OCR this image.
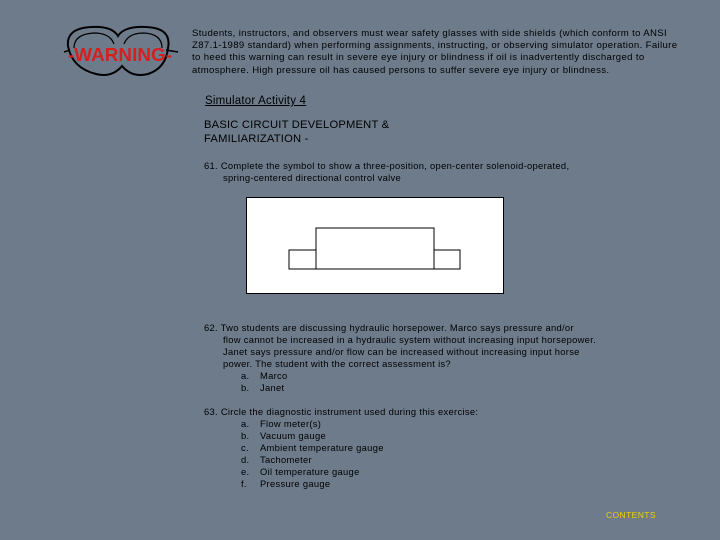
-WARNING-
Students, instructors, and observers must wear safety glasses with side shields (which conform to ANSI
Z87.1-1989 standard) when performing assignments, instructing, or observing simulator operation. Failure
to heed this warning can result in severe eye injury or blindness if oil is inadvertently discharged to
atmosphere. High pressure oil has caused persons to suffer severe eye injury or blindness.
Simulator Activity 4
BASIC CIRCUIT DEVELOPMENT &
FAMILIARIZATION -
61. Complete the symbol to show a three-position, open-center solenoid-operated,
spring-centered directional control valve
62. Two students are discussing hydraulic horsepower. Marco says pressure and/or
flow cannot be increased in a hydraulic system without increasing input horsepower.
Janet says pressure and/or flow can be increased without increasing input horse
power. The student with the correct assessment is?
a. Marco
b. Janet
63. Circle the diagnostic instrument used during this exercise:
a. Flow meter(s)
b. Vacuum gauge
c. Ambient temperature gauge
d. Tachometer
e. Oil temperature gauge
f. Pressure gauge
CONTENTS
